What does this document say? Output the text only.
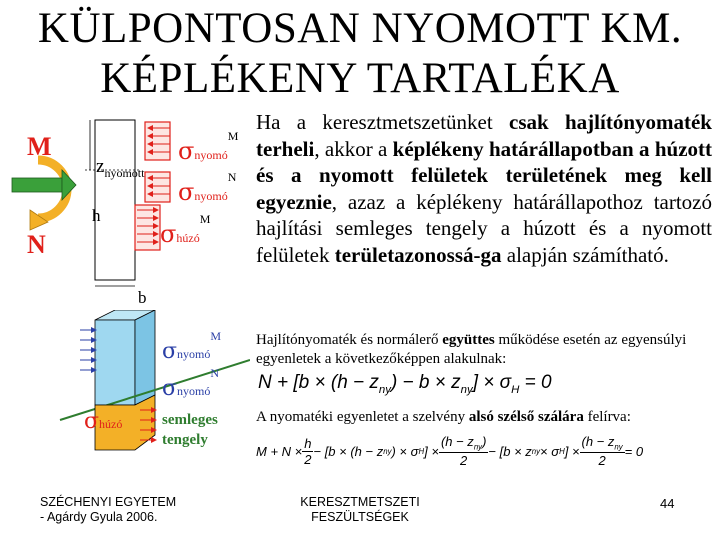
KÜLPONTOSAN NYOMOTT KM.
KÉPLÉKENY TARTALÉKA
M
N
$z_{nyomott}$
h
b
σnyomó$^M$
σnyomó$^N$
σhúzó$^M$
σnyomó$^M$
σnyomó$^N$
σhúzó	semleges tengely
Ha a keresztmetszetünket csak hajlítónyomaték terheli, akkor a képlékeny határállapotban a húzott és a nyomott felületek területének meg kell egyeznie, azaz a képlékeny határállapothoz tartozó hajlítási semleges tengely a húzott és a nyomott felületek területazonossá-ga alapján számítható.
Hajlítónyomaték és normálerő együttes működése esetén az egyensúlyi egyenletek a következőképpen alakulnak:
$N + [b \times (h - z_{ny}) - b \times z_{ny}] \times \sigma_H = 0$
A nyomatéki egyenletet a szelvény alsó szélső szálára felírva:
$M + N \times \frac{h}{2} - [b \times (h - z$ ny ) × σ H ] ×
$(h - z_{ny})$
2
− [b × z ny × σ H ] ×
($h - z_{ny}$
2
= 0
SZÉCHENYI EGYETEM
- Agárdy Gyula 2006.
KERESZTMETSZETI
FESZÜLTSÉGEK
44
